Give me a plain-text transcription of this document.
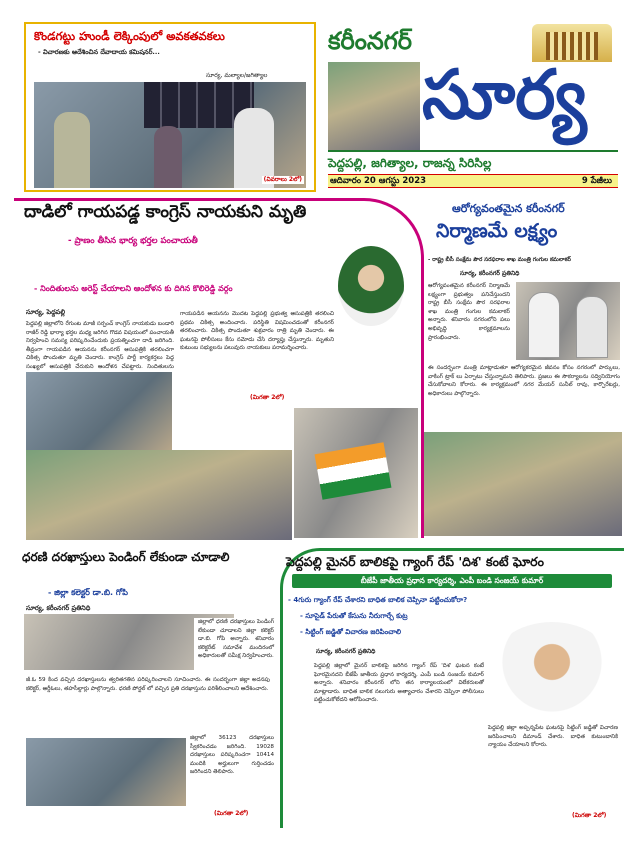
కొండగట్టు హుండీ లెక్కింపులో అవకతవకలు
- విచారణకు ఆదేశించిన దేవాదాయ కమిషనర్...
సూర్య, మల్యాల/జగిత్యాల
(వివరాలు 2లో)
కరీంనగర్
సూర్య
పెద్దపల్లి, జగిత్యాల, రాజన్న సిరిసిల్ల
ఆదివారం 20 ఆగస్టు 2023	9 పేజీలు
దాడిలో గాయపడ్డ కాంగ్రెస్ నాయకుని మృతి
- ప్రాణం తీసిన భార్య భర్తల పంచాయతీ
- నిందితులను అరెస్ట్ చేయాలని ఆందోళన కు దిగిన కొలిరెడ్డి వర్గం
సూర్య, పెద్దపల్లి
పెద్దపల్లి జిల్లాలోని రేగుంట మాజీ సర్పంచ్ కాంగ్రెస్ నాయకుడు బండారి రాజీర్ రెడ్డి భార్యా భర్తల మధ్య జరిగిన గొడవ విషయంలో పంచాయతీ నిర్వహించి సమస్య పరిష్కరించేందుకు ప్రయత్నించగా దాడి జరిగింది. తీవ్రంగా గాయపడిన ఆయనను కరీంనగర్ ఆసుపత్రికి తరలించగా చికిత్స పొందుతూ మృతి చెందారు. కాంగ్రెస్ పార్టీ కార్యకర్తలు పెద్ద సంఖ్యలో ఆసుపత్రికి చేరుకుని ఆందోళన చేపట్టారు. నిందితులను
గాయపడిన ఆయనను మొదట పెద్దపల్లి ప్రభుత్వ ఆసుపత్రికి తరలించి ప్రథమ చికిత్స అందించారు. పరిస్థితి విషమించడంతో కరీంనగర్ తరలించారు. చికిత్స పొందుతూ శుక్రవారం రాత్రి మృతి చెందారు. ఈ ఘటనపై పోలీసులు కేసు నమోదు చేసి దర్యాప్తు చేస్తున్నారు. మృతుని కుటుంబ సభ్యులను పలువురు నాయకులు పరామర్శించారు.
(మిగతా 2లో)
ఆరోగ్యవంతమైన కరీంనగర్
నిర్మాణమే లక్ష్యం
- రాష్ట్ర బీసీ సంక్షేమ పౌర సరఫరాల శాఖ మంత్రి గంగుల కమలాకర్
సూర్య, కరీంనగర్ ప్రతినిధి
ఆరోగ్యవంతమైన కరీంనగర్ నిర్మాణమే లక్ష్యంగా ప్రభుత్వం పనిచేస్తుందని రాష్ట్ర బీసీ సంక్షేమ పౌర సరఫరాల శాఖ మంత్రి గంగుల కమలాకర్ అన్నారు. శనివారం నగరంలోని పలు అభివృద్ధి కార్యక్రమాలను ప్రారంభించారు.
ఈ సందర్భంగా మంత్రి మాట్లాడుతూ ఆరోగ్యకరమైన జీవనం కోసం నగరంలో పార్కులు, వాకింగ్ ట్రాక్ లు ఏర్పాటు చేస్తున్నామని తెలిపారు. ప్రజలు ఈ సౌకర్యాలను సద్వినియోగం చేసుకోవాలని కోరారు. ఈ కార్యక్రమంలో నగర మేయర్ సునీల్ రావు, కార్పొరేటర్లు, అధికారులు పాల్గొన్నారు.
ధరణి దరఖాస్తులు పెండింగ్ లేకుండా చూడాలి
- జిల్లా కలెక్టర్ డా.బి. గోపి
సూర్య, కరీంనగర్ ప్రతినిధి
జిల్లాలో ధరణి దరఖాస్తులు పెండింగ్ లేకుండా చూడాలని జిల్లా కలెక్టర్ డా.బి. గోపి అన్నారు. శనివారం కలెక్టరేట్ సమావేశ మందిరంలో అధికారులతో సమీక్ష నిర్వహించారు.
జీ.ఓ 59 కింద వచ్చిన దరఖాస్తులను త్వరితగతిన పరిష్కరించాలని సూచించారు. ఈ సందర్భంగా జిల్లా అదనపు కలెక్టర్, ఆర్డీఓలు, తహసీల్దార్లు పాల్గొన్నారు. ధరణి పోర్టల్ లో వచ్చిన ప్రతి దరఖాస్తును పరిశీలించాలని ఆదేశించారు.
జిల్లాలో 36123 దరఖాస్తులు స్వీకరించడం జరిగింది. 19028 దరఖాస్తులు పరిష్కరించగా 10414 మందికి అర్హులుగా గుర్తించడం జరిగిందని తెలిపారు.
(మిగతా 2లో)
పెద్దపల్లి మైనర్ బాలికపై గ్యాంగ్ రేప్ 'దిశ' కంటే ఘోరం
బీజేపీ జాతీయ ప్రధాన కార్యదర్శి, ఎంపీ బండి సంజయ్ కుమార్
- 4గురు గ్యాంగ్ రేప్ చేశారని బాధిత బాలిక చెప్పినా పట్టించుకోరా?
- సూసైడ్ పేరుతో కేసును నీరుగార్చే కుట్ర
- సిట్టింగ్ జడ్జితో విచారణ జరిపించాలి
సూర్య, కరీంనగర్ ప్రతినిధి
పెద్దపల్లి జిల్లాలో మైనర్ బాలికపై జరిగిన గ్యాంగ్ రేప్ 'దిశ' ఘటన కంటే ఘోరమైనదని బీజేపీ జాతీయ ప్రధాన కార్యదర్శి, ఎంపీ బండి సంజయ్ కుమార్ అన్నారు. శనివారం కరీంనగర్ లోని తన కార్యాలయంలో విలేకరులతో మాట్లాడారు. బాధిత బాలిక నలుగురు అత్యాచారం చేశారని చెప్పినా పోలీసులు పట్టించుకోలేదని ఆరోపించారు.
పెద్దపల్లి జిల్లా అప్పన్నపేట ఘటనపై సిట్టింగ్ జడ్జితో విచారణ జరిపించాలని డిమాండ్ చేశారు. బాధిత కుటుంబానికి న్యాయం చేయాలని కోరారు.
(మిగతా 2లో)
